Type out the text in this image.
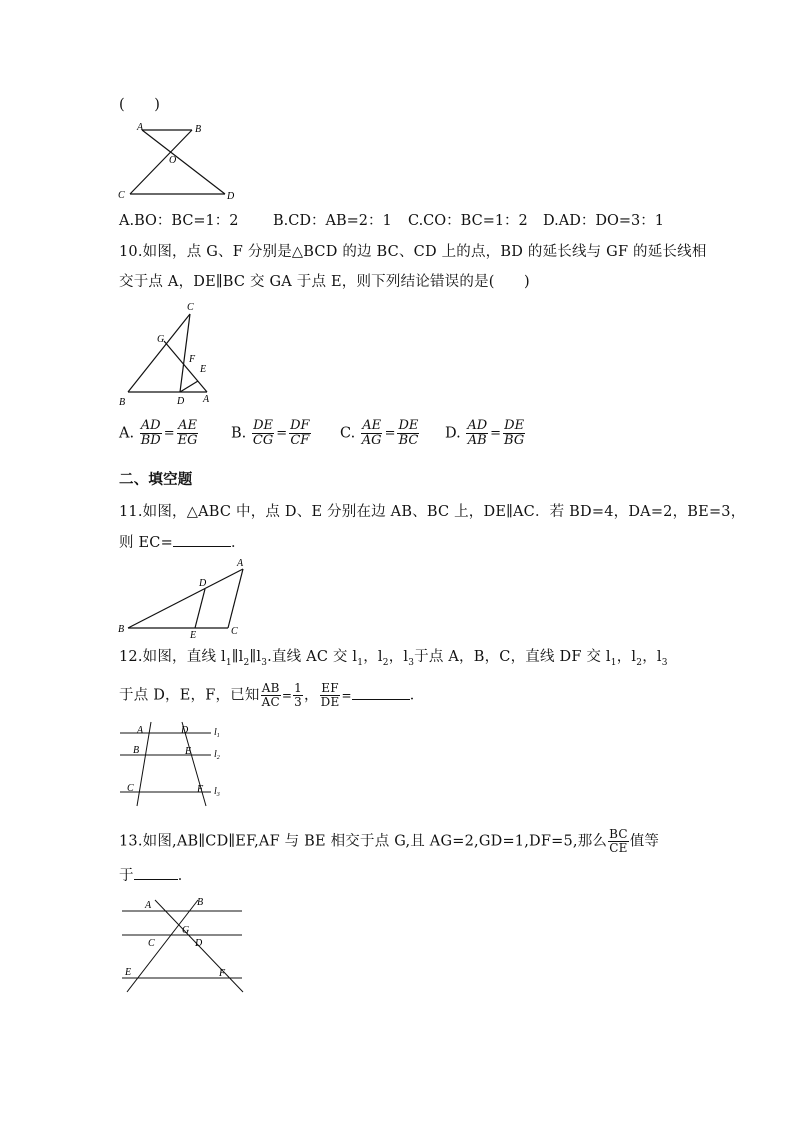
(　　)
A	B
O
C	D
A.BO：BC=1：2 B.CD：AB=2：1 C.CO：BC=1：2 D.AD：DO=3：1
10.如图，点 G、F 分别是△BCD 的边 BC、CD 上的点，BD 的延长线与 GF 的延长线相
交于点 A，DE∥BC 交 GA 于点 E，则下列结论错误的是(　　)
C
G
F
E
B	D A
A. $\frac{AD}{BD} = \frac{AE}{EG} B$. $\frac{DE}{CG} = \frac{DF}{CF} C$. $\frac{AE}{AG} = \frac{DE}{BC} D$. $\frac{AD}{AB} = \frac{DE}{BG}$
二、填空题
11.如图，△ABC 中，点 D、E 分别在边 AB、BC 上，DE∥AC．若 BD=4，DA=2，BE=3，
则 EC=	．
A
D
B
E	C
12.如图，直线 $l_1\parallel l_2\parallel l_3$.直线 AC 交 $l_1$，$l_2$，$l_3$于点 A，B，C，直线 DF 交 $l_1$，$l_2$，$l_3$
于点 D，E，F，已知 $\frac{AB}{AC} = \frac{1}{3}$ ， $\frac{EF}{DE}$ =	．
A	D
B	E
C	F
$l_1$
$l_2$
$l_3$
13.如图,AB∥CD∥EF,AF 与 BE 相交于点 G,且 AG=2,GD=1,DF=5,那么 $\frac{BC}{CE}$ 值等
于	．
A	B
G
C	D
E	F
